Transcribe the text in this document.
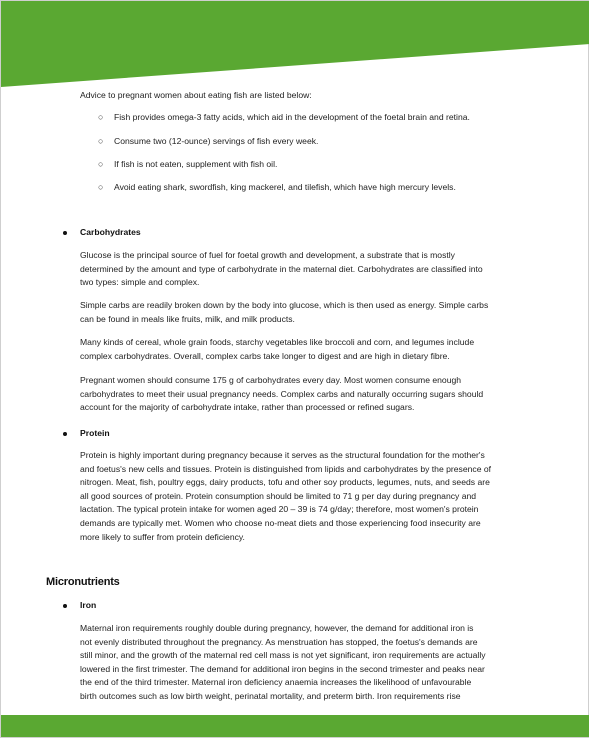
Advice to pregnant women about eating fish are listed below:
○ Fish provides omega-3 fatty acids, which aid in the development of the foetal brain and retina.
○ Consume two (12-ounce) servings of fish every week.
○ If fish is not eaten, supplement with fish oil.
○ Avoid eating shark, swordfish, king mackerel, and tilefish, which have high mercury levels.
Carbohydrates
Glucose is the principal source of fuel for foetal growth and development, a substrate that is mostly
determined by the amount and type of carbohydrate in the maternal diet. Carbohydrates are classified into
two types: simple and complex.
Simple carbs are readily broken down by the body into glucose, which is then used as energy. Simple carbs
can be found in meals like fruits, milk, and milk products.
Many kinds of cereal, whole grain foods, starchy vegetables like broccoli and corn, and legumes include
complex carbohydrates. Overall, complex carbs take longer to digest and are high in dietary fibre.
Pregnant women should consume 175 g of carbohydrates every day. Most women consume enough
carbohydrates to meet their usual pregnancy needs. Complex carbs and naturally occurring sugars should
account for the majority of carbohydrate intake, rather than processed or refined sugars.
Protein
Protein is highly important during pregnancy because it serves as the structural foundation for the mother's
and foetus's new cells and tissues. Protein is distinguished from lipids and carbohydrates by the presence of
nitrogen. Meat, fish, poultry eggs, dairy products, tofu and other soy products, legumes, nuts, and seeds are
all good sources of protein. Protein consumption should be limited to 71 g per day during pregnancy and
lactation. The typical protein intake for women aged 20 – 39 is 74 g/day; therefore, most women's protein
demands are typically met. Women who choose no-meat diets and those experiencing food insecurity are
more likely to suffer from protein deficiency.
Micronutrients
Iron
Maternal iron requirements roughly double during pregnancy, however, the demand for additional iron is
not evenly distributed throughout the pregnancy. As menstruation has stopped, the foetus's demands are
still minor, and the growth of the maternal red cell mass is not yet significant, iron requirements are actually
lowered in the first trimester. The demand for additional iron begins in the second trimester and peaks near
the end of the third trimester. Maternal iron deficiency anaemia increases the likelihood of unfavourable
birth outcomes such as low birth weight, perinatal mortality, and preterm birth. Iron requirements rise
